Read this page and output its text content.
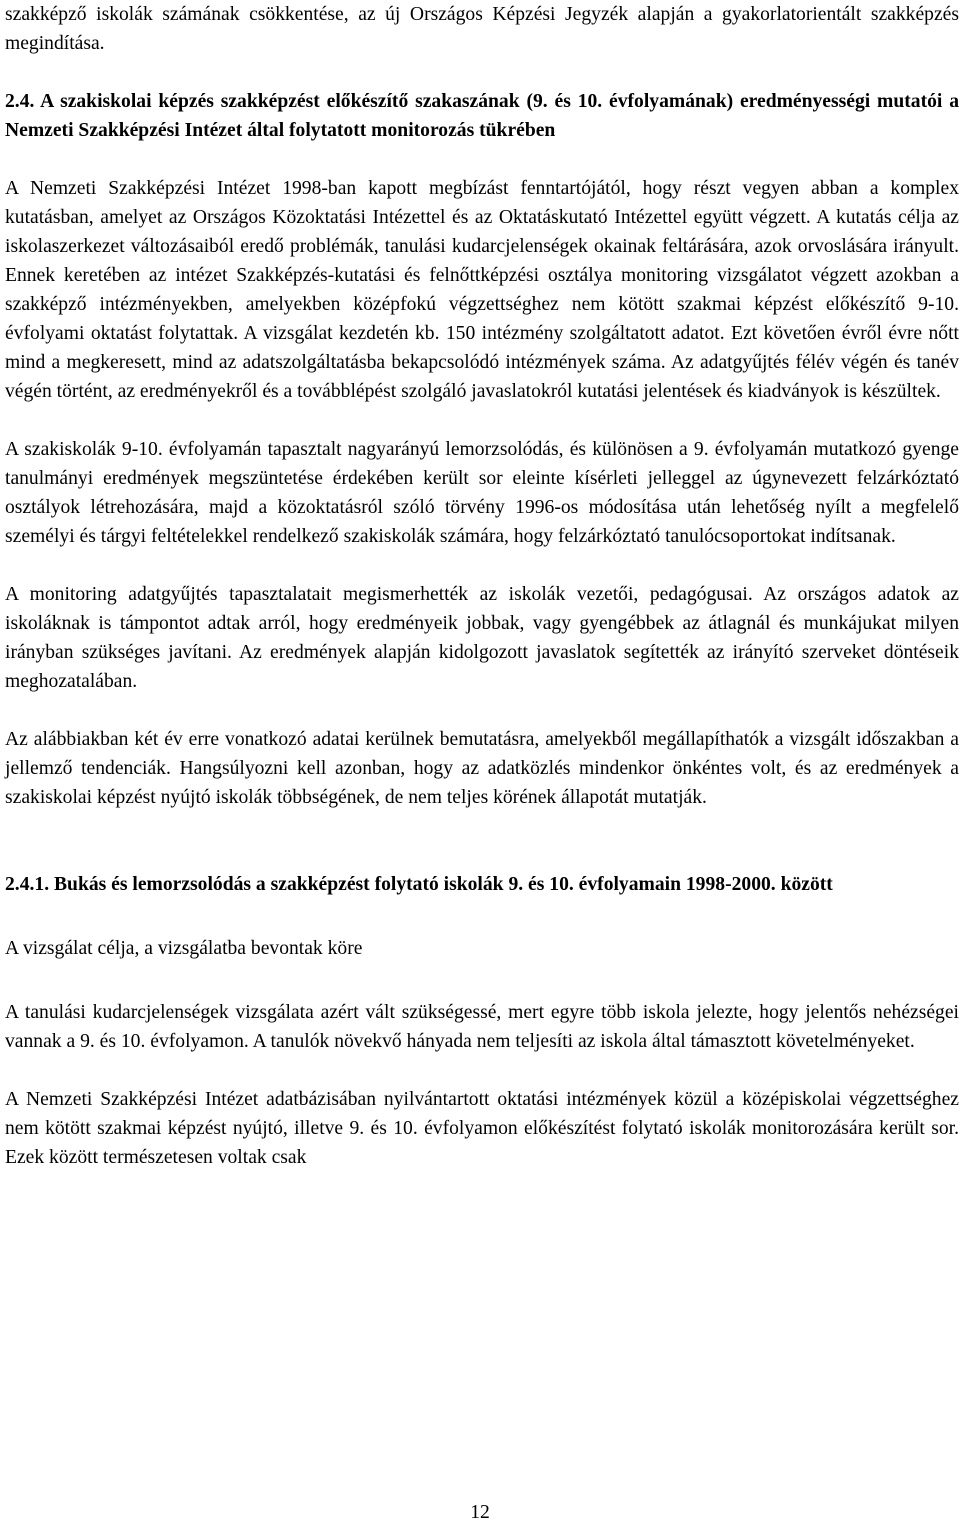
szakképző iskolák számának csökkentése, az új Országos Képzési Jegyzék alapján a gyakorlatorientált szakképzés megindítása.

2.4. A szakiskolai képzés szakképzést előkészítő szakaszának (9. és 10. évfolyamának) eredményességi mutatói a Nemzeti Szakképzési Intézet által folytatott monitorozás tükrében

A Nemzeti Szakképzési Intézet 1998-ban kapott megbízást fenntartójától, hogy részt vegyen abban a komplex kutatásban, amelyet az Országos Közoktatási Intézettel és az Oktatáskutató Intézettel együtt végzett. A kutatás célja az iskolaszerkezet változásaiból eredő problémák, tanulási kudarcjelenségek okainak feltárására, azok orvoslására irányult. Ennek keretében az intézet Szakképzés-kutatási és felnőttképzési osztálya monitoring vizsgálatot végzett azokban a szakképző intézményekben, amelyekben középfokú végzettséghez nem kötött szakmai képzést előkészítő 9-10. évfolyami oktatást folytattak. A vizsgálat kezdetén kb. 150 intézmény szolgáltatott adatot. Ezt követően évről évre nőtt mind a megkeresett, mind az adatszolgáltatásba bekapcsolódó intézmények száma. Az adatgyűjtés félév végén és tanév végén történt, az eredményekről és a továbblépést szolgáló javaslatokról kutatási jelentések és kiadványok is készültek.

A szakiskolák 9-10. évfolyamán tapasztalt nagyarányú lemorzsolódás, és különösen a 9. évfolyamán mutatkozó gyenge tanulmányi eredmények megszüntetése érdekében került sor eleinte kísérleti jelleggel az úgynevezett felzárkóztató osztályok létrehozására, majd a közoktatásról szóló törvény 1996-os módosítása után lehetőség nyílt a megfelelő személyi és tárgyi feltételekkel rendelkező szakiskolák számára, hogy felzárkóztató tanulócsoportokat indítsanak.

A monitoring adatgyűjtés tapasztalatait megismerhették az iskolák vezetői, pedagógusai. Az országos adatok az iskoláknak is támpontot adtak arról, hogy eredményeik jobbak, vagy gyengébbek az átlagnál és munkájukat milyen irányban szükséges javítani. Az eredmények alapján kidolgozott javaslatok segítették az irányító szerveket döntéseik meghozatalában.

Az alábbiakban két év erre vonatkozó adatai kerülnek bemutatásra, amelyekből megállapíthatók a vizsgált időszakban a jellemző tendenciák. Hangsúlyozni kell azonban, hogy az adatközlés mindenkor önkéntes volt, és az eredmények a szakiskolai képzést nyújtó iskolák többségének, de nem teljes körének állapotát mutatják.

2.4.1. Bukás és lemorzsolódás a szakképzést folytató iskolák 9. és 10. évfolyamain 1998-2000. között

A vizsgálat célja, a vizsgálatba bevontak köre

A tanulási kudarcjelenségek vizsgálata azért vált szükségessé, mert egyre több iskola jelezte, hogy jelentős nehézségei vannak a 9. és 10. évfolyamon. A tanulók növekvő hányada nem teljesíti az iskola által támasztott követelményeket.

A Nemzeti Szakképzési Intézet adatbázisában nyilvántartott oktatási intézmények közül a középiskolai végzettséghez nem kötött szakmai képzést nyújtó, illetve 9. és 10. évfolyamon előkészítést folytató iskolák monitorozására került sor. Ezek között természetesen voltak csak

12
